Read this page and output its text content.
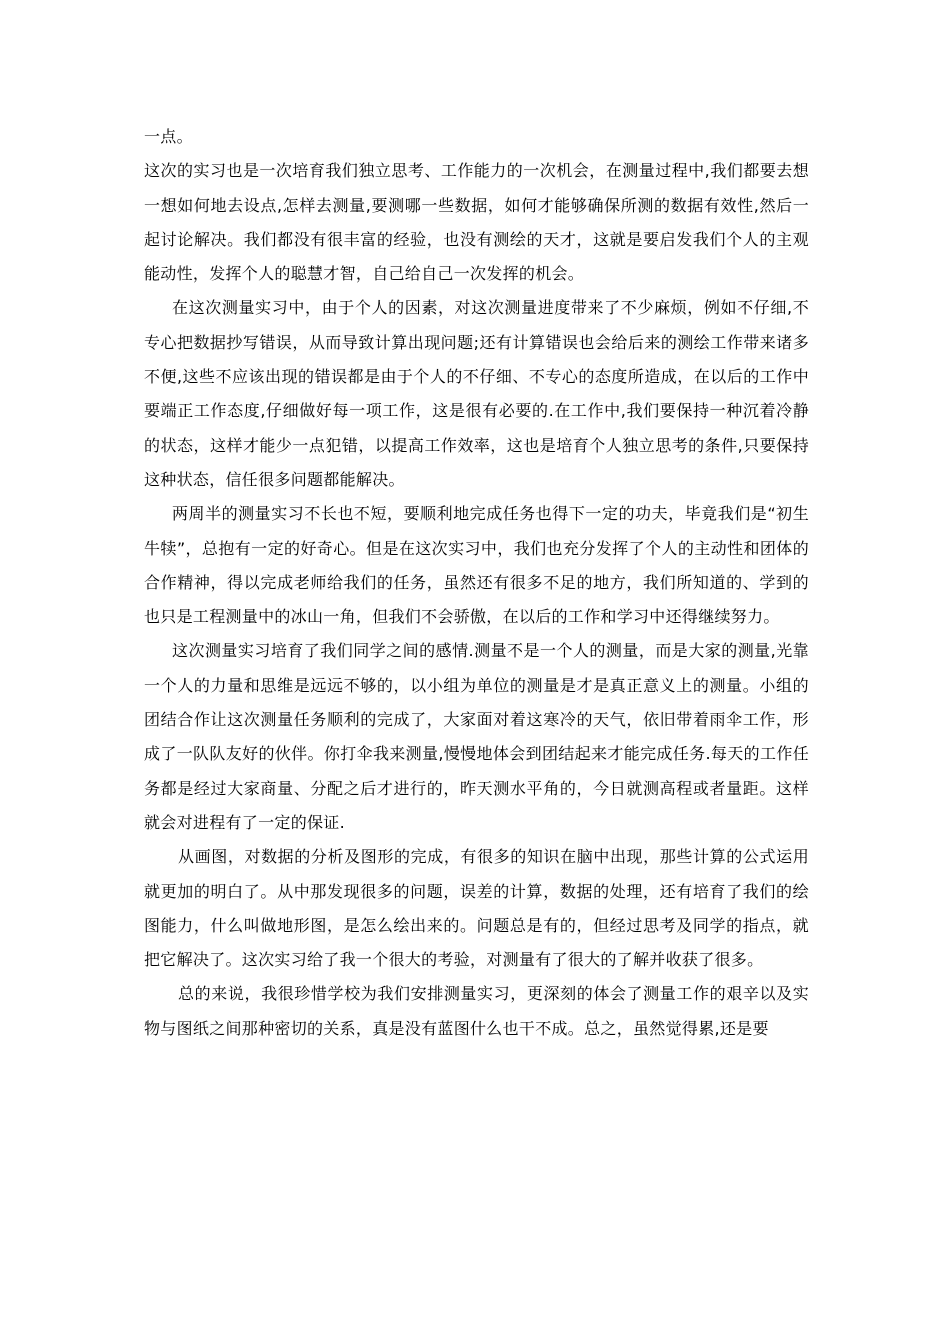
一点。

这次的实习也是一次培育我们独立思考、工作能力的一次机会，在测量过程中,我们都要去想一想如何地去设点,怎样去测量,要测哪一些数据，如何才能够确保所测的数据有效性,然后一起讨论解决。我们都没有很丰富的经验，也没有测绘的天才，这就是要启发我们个人的主观能动性，发挥个人的聪慧才智，自己给自己一次发挥的机会。

在这次测量实习中，由于个人的因素，对这次测量进度带来了不少麻烦，例如不仔细,不专心把数据抄写错误，从而导致计算出现问题;还有计算错误也会给后来的测绘工作带来诸多不便,这些不应该出现的错误都是由于个人的不仔细、不专心的态度所造成，在以后的工作中要端正工作态度,仔细做好每一项工作，这是很有必要的.在工作中,我们要保持一种沉着冷静的状态，这样才能少一点犯错，以提高工作效率，这也是培育个人独立思考的条件,只要保持这种状态，信任很多问题都能解决。

两周半的测量实习不长也不短，要顺利地完成任务也得下一定的功夫，毕竟我们是“初生牛犊”，总抱有一定的好奇心。但是在这次实习中，我们也充分发挥了个人的主动性和团体的合作精神，得以完成老师给我们的任务，虽然还有很多不足的地方，我们所知道的、学到的也只是工程测量中的冰山一角，但我们不会骄傲，在以后的工作和学习中还得继续努力。

这次测量实习培育了我们同学之间的感情.测量不是一个人的测量，而是大家的测量,光靠一个人的力量和思维是远远不够的，以小组为单位的测量是才是真正意义上的测量。小组的团结合作让这次测量任务顺利的完成了，大家面对着这寒冷的天气，依旧带着雨伞工作，形成了一队队友好的伙伴。你打伞我来测量,慢慢地体会到团结起来才能完成任务.每天的工作任务都是经过大家商量、分配之后才进行的，昨天测水平角的，今日就测高程或者量距。这样就会对进程有了一定的保证.

从画图，对数据的分析及图形的完成，有很多的知识在脑中出现，那些计算的公式运用就更加的明白了。从中那发现很多的问题，误差的计算，数据的处理，还有培育了我们的绘图能力，什么叫做地形图，是怎么绘出来的。问题总是有的，但经过思考及同学的指点，就把它解决了。这次实习给了我一个很大的考验，对测量有了很大的了解并收获了很多。

总的来说，我很珍惜学校为我们安排测量实习，更深刻的体会了测量工作的艰辛以及实物与图纸之间那种密切的关系，真是没有蓝图什么也干不成。总之，虽然觉得累,还是要
